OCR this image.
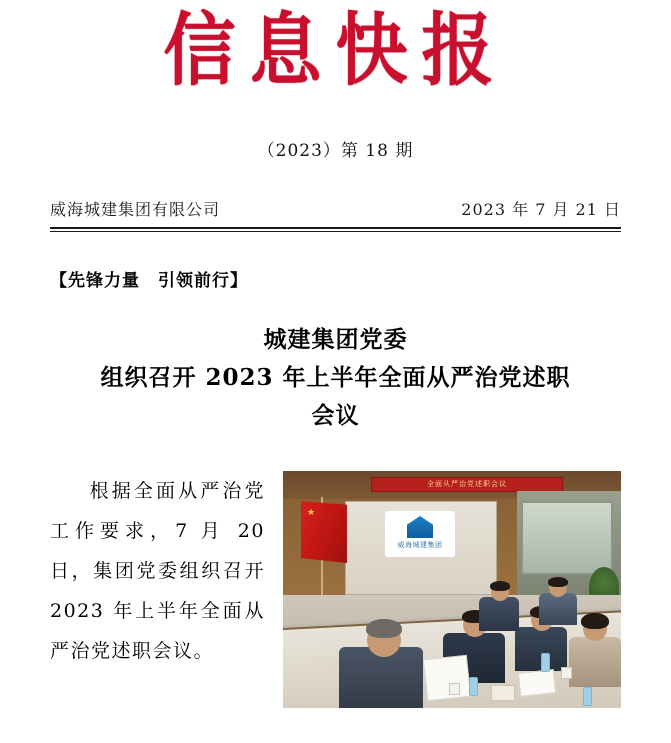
信息快报
（2023）第 18 期
威海城建集团有限公司	2023 年 7 月 21 日
【先锋力量　引领前行】
城建集团党委
组织召开 2023 年上半年全面从严治党述职
会议
根据全面从严治党工作要求，7 月 20 日，集团党委组织召开 2023 年上半年全面从严治党述职会议。
全面从严治党述职会议
威海城建集团
★
